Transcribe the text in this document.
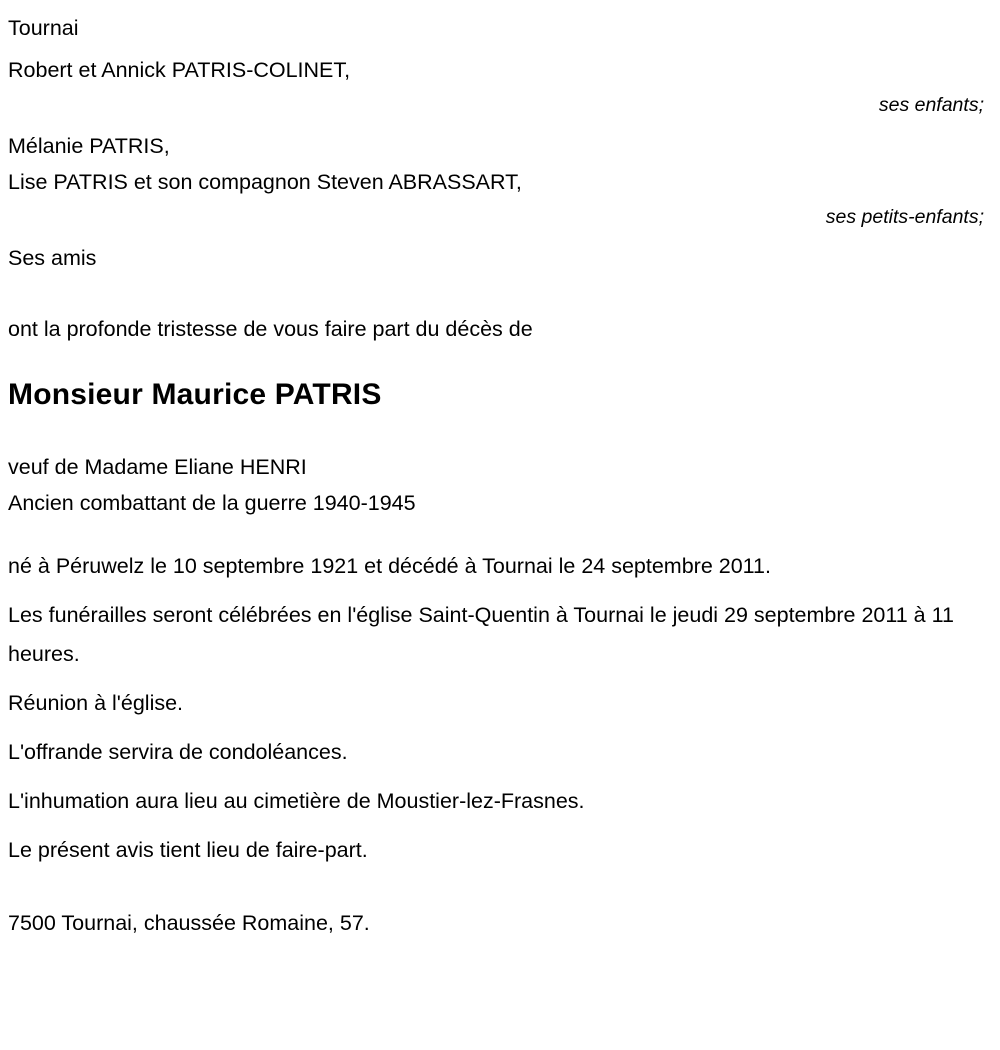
Tournai
Robert et Annick PATRIS-COLINET,
ses enfants;
Mélanie PATRIS,
Lise PATRIS et son compagnon Steven ABRASSART,
ses petits-enfants;
Ses amis
ont la profonde tristesse de vous faire part du décès de
Monsieur Maurice PATRIS
veuf de Madame Eliane HENRI
Ancien combattant de la guerre 1940-1945
né à Péruwelz le 10 septembre 1921 et décédé à Tournai le 24 septembre 2011.
Les funérailles seront célébrées en l'église Saint-Quentin à Tournai le jeudi 29 septembre 2011 à 11 heures.
Réunion à l'église.
L'offrande servira de condoléances.
L'inhumation aura lieu au cimetière de Moustier-lez-Frasnes.
Le présent avis tient lieu de faire-part.
7500 Tournai, chaussée Romaine, 57.
